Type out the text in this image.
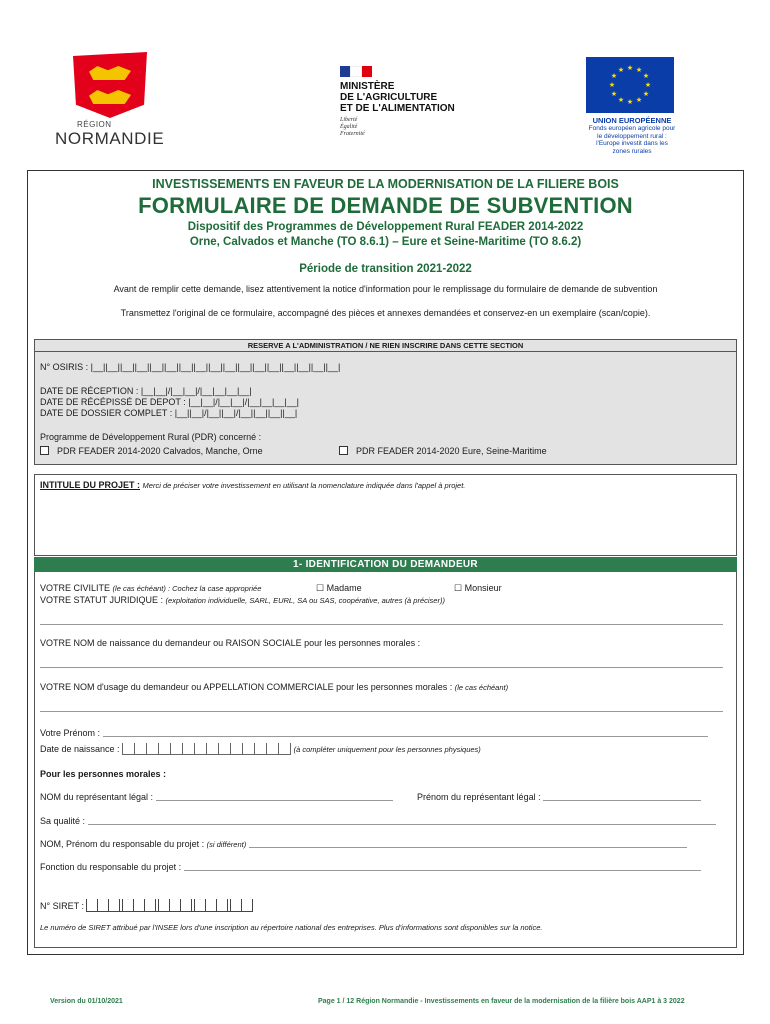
RÉGION
NORMANDIE
MINISTÈRE
DE L'AGRICULTURE
ET DE L'ALIMENTATION
Liberté
Égalité
Fraternité
★ ★
★
★
★
★
★
★
★
★
★
★
UNION EUROPÉENNE
Fonds européen agricole pour
le développement rural :
l'Europe investit dans les
zones rurales
INVESTISSEMENTS EN FAVEUR DE LA MODERNISATION DE LA FILIERE BOIS
FORMULAIRE DE DEMANDE DE SUBVENTION
Dispositif des Programmes de Développement Rural FEADER 2014-2022
Orne, Calvados et Manche (TO 8.6.1) – Eure et Seine-Maritime (TO 8.6.2)
Période de transition 2021-2022
Avant de remplir cette demande, lisez attentivement la notice d'information pour le remplissage du formulaire de demande de subvention
Transmettez l'original de ce formulaire, accompagné des pièces et annexes demandées et conservez-en un exemplaire (scan/copie).
RESERVE A L'ADMINISTRATION / NE RIEN INSCRIRE DANS CETTE SECTION
N° OSIRIS : |__||__||__||__||__||__||__||__||__||__||__||__||__||__||__||__||__|
DATE DE RÉCEPTION : |__|__|/|__|__|/|__|__|__|__|
DATE DE RÉCÉPISSÉ DE DEPOT : |__|__|/|__|__|/|__|__|__|__|
DATE DE DOSSIER COMPLET : |__||__|/|__||__|/|__||__||__||__|
Programme de Développement Rural (PDR) concerné :
PDR FEADER 2014-2020 Calvados, Manche, Orne	PDR FEADER 2014-2020 Eure, Seine-Maritime
INTITULE DU PROJET : Merci de préciser votre investissement en utilisant la nomenclature indiquée dans l'appel à projet.
1- IDENTIFICATION DU DEMANDEUR
VOTRE CIVILITE (le cas échéant) : Cochez la case appropriée	☐ Madame	☐ Monsieur
VOTRE STATUT JURIDIQUE : (exploitation individuelle, SARL, EURL, SA ou SAS, coopérative, autres (à préciser))
VOTRE NOM de naissance du demandeur ou RAISON SOCIALE pour les personnes morales :
VOTRE NOM d'usage du demandeur ou APPELLATION COMMERCIALE pour les personnes morales : (le cas échéant)
Votre Prénom :
Date de naissance :	(à compléter uniquement pour les personnes physiques)
Pour les personnes morales :
NOM du représentant légal :	Prénom du représentant légal :
Sa qualité :
NOM, Prénom du responsable du projet : (si différent)
Fonction du responsable du projet :
N° SIRET :
Le numéro de SIRET attribué par l'INSEE lors d'une inscription au répertoire national des entreprises. Plus d'informations sont disponibles sur la notice.
Version du 01/10/2021	Page 1 / 12 Région Normandie - Investissements en faveur de la modernisation de la filière bois AAP1 à 3 2022
